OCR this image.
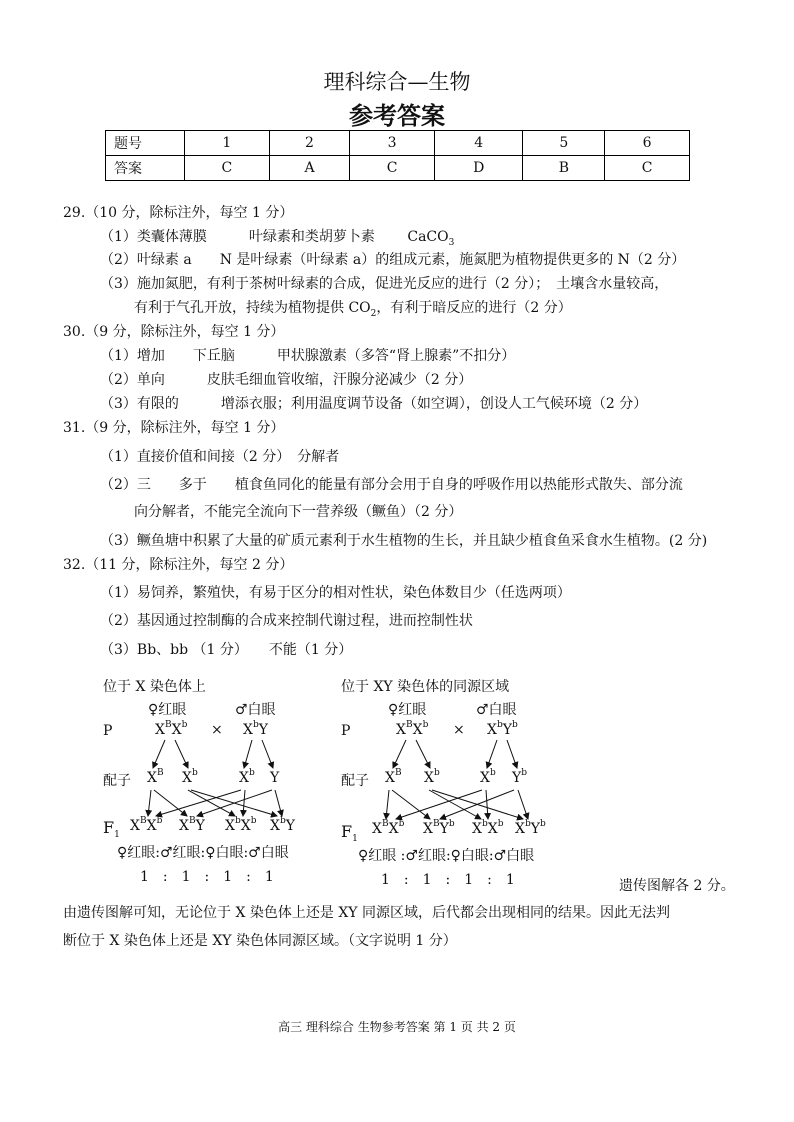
理科综合—生物
参考答案
题号	1	2	3	4	5	6
答案	C	A	C	D	B	C
29.（10 分，除标注外，每空 1 分）
（1）类囊体薄膜　　　叶绿素和类胡萝卜素　　 CaCO$_3$
（2）叶绿素 a　　N 是叶绿素（叶绿素 a）的组成元素，施氮肥为植物提供更多的 N（2 分）
（3）施加氮肥，有利于茶树叶绿素的合成，促进光反应的进行（2 分）；　土壤含水量较高，
有利于气孔开放，持续为植物提供 $CO_2$，有利于暗反应的进行（2 分）
30.（9 分，除标注外，每空 1 分）
（1）增加　　下丘脑　　　甲状腺激素（多答“肾上腺素”不扣分）
（2）单向　　　皮肤毛细血管收缩，汗腺分泌减少（2 分）
（3）有限的　　　增添衣服；利用温度调节设备（如空调），创设人工气候环境（2 分）
31.（9 分，除标注外，每空 1 分）
（1）直接价值和间接（2 分）　分解者
（2）三　　多于　　植食鱼同化的能量有部分会用于自身的呼吸作用以热能形式散失、部分流
向分解者，不能完全流向下一营养级（鳜鱼）（2 分）
（3）鳜鱼塘中积累了大量的矿质元素利于水生植物的生长，并且缺少植食鱼采食水生植物。(2 分)
32.（11 分，除标注外，每空 2 分）
（1）易饲养，繁殖快，有易于区分的相对性状，染色体数目少（任选两项）
（2）基因通过控制酶的合成来控制代谢过程，进而控制性状
（3）Bb、bb （1 分）　　不能（1 分）
位于 X 染色体上
♀红眼	♂白眼
P	$X^BX^b \times X^bY$
配子 $X^B$ $X^b$	$X^b$ Y
$F_1$
$X^BX^b$ $X^BY$ $X^bX^b$ $X^bY$
♀红眼:♂红眼:♀白眼:♂白眼
1　:　1　:　1　:　1
位于 XY 染色体的同源区域
♀红眼	♂白眼
P	$X^BX^b \times X^bY^b$
配子 $X^B$ $X^b$	$X^b$ $Y^b$
$F_1$
$X^BX^b$ $X^BY^b$ $X^bX^b$ $X^bY^b$
♀红眼 :♂红眼:♀白眼:♂白眼
1　:　1　:　1　:　1	遗传图解各 2 分。
由遗传图解可知，无论位于 X 染色体上还是 XY 同源区域，后代都会出现相同的结果。因此无法判
断位于 X 染色体上还是 XY 染色体同源区域。（文字说明 1 分）
高三 理科综合 生物参考答案 第 1 页 共 2 页
